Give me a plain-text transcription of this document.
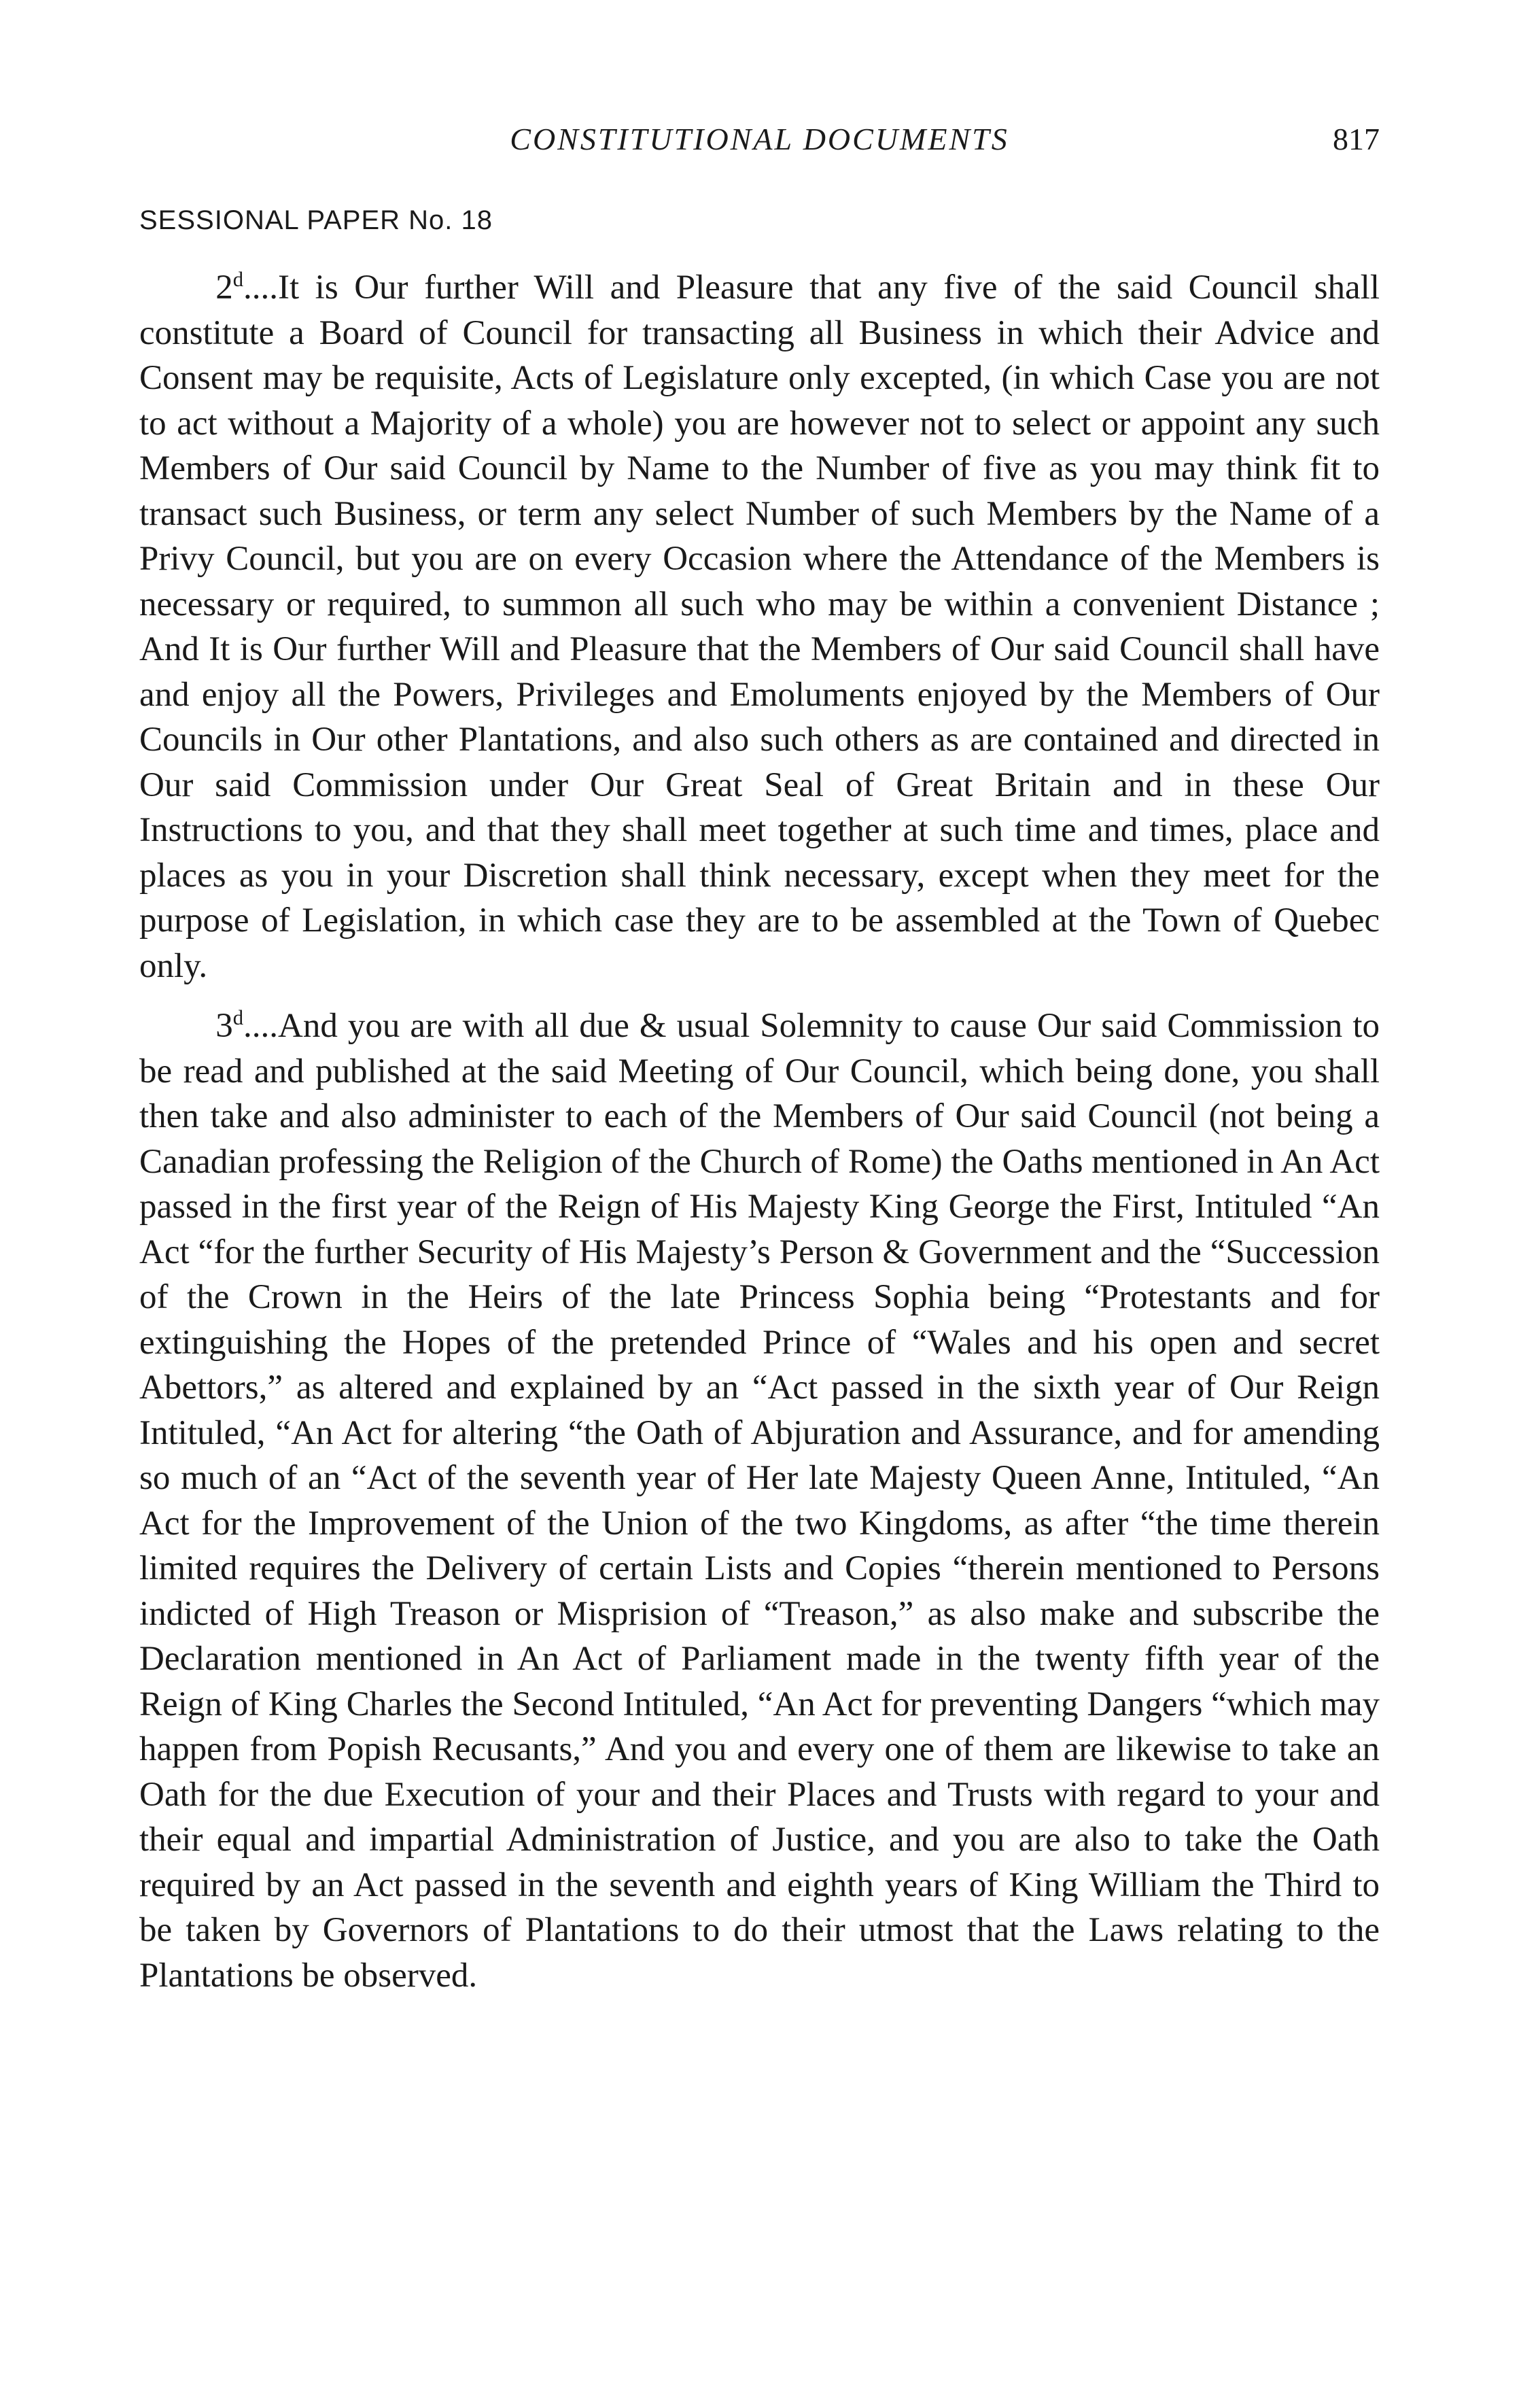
CONSTITUTIONAL DOCUMENTS	817
SESSIONAL PAPER No. 18

2$^d$....It is Our further Will and Pleasure that any five of the said Council shall constitute a Board of Council for transacting all Business in which their Advice and Consent may be requisite, Acts of Legislature only excepted, (in which Case you are not to act without a Majority of a whole) you are however not to select or appoint any such Members of Our said Council by Name to the Number of five as you may think fit to transact such Business, or term any select Number of such Members by the Name of a Privy Council, but you are on every Occasion where the Attendance of the Members is necessary or required, to summon all such who may be within a convenient Distance ; And It is Our further Will and Pleasure that the Members of Our said Council shall have and enjoy all the Powers, Privileges and Emoluments enjoyed by the Members of Our Councils in Our other Plantations, and also such others as are contained and directed in Our said Commission under Our Great Seal of Great Britain and in these Our Instructions to you, and that they shall meet together at such time and times, place and places as you in your Discretion shall think necessary, except when they meet for the purpose of Legislation, in which case they are to be assembled at the Town of Quebec only.

3$^d$....And you are with all due & usual Solemnity to cause Our said Commission to be read and published at the said Meeting of Our Council, which being done, you shall then take and also administer to each of the Members of Our said Council (not being a Canadian professing the Religion of the Church of Rome) the Oaths mentioned in An Act passed in the first year of the Reign of His Majesty King George the First, Intituled “An Act “for the further Security of His Majesty’s Person & Government and the “Succession of the Crown in the Heirs of the late Princess Sophia being “Protestants and for extinguishing the Hopes of the pretended Prince of “Wales and his open and secret Abettors,” as altered and explained by an “Act passed in the sixth year of Our Reign Intituled, “An Act for altering “the Oath of Abjuration and Assurance, and for amending so much of an “Act of the seventh year of Her late Majesty Queen Anne, Intituled, “An Act for the Improvement of the Union of the two Kingdoms, as after “the time therein limited requires the Delivery of certain Lists and Copies “therein mentioned to Persons indicted of High Treason or Misprision of “Treason,” as also make and subscribe the Declaration mentioned in An Act of Parliament made in the twenty fifth year of the Reign of King Charles the Second Intituled, “An Act for preventing Dangers “which may happen from Popish Recusants,” And you and every one of them are likewise to take an Oath for the due Execution of your and their Places and Trusts with regard to your and their equal and impartial Administration of Justice, and you are also to take the Oath required by an Act passed in the seventh and eighth years of King William the Third to be taken by Governors of Plantations to do their utmost that the Laws relating to the Plantations be observed.
